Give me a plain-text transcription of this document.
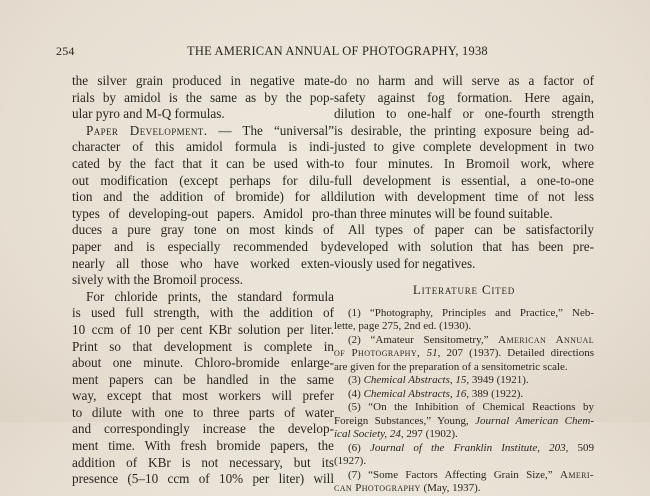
254	THE AMERICAN ANNUAL OF PHOTOGRAPHY, 1938
the silver grain produced in negative mate-
rials by amidol is the same as by the pop-
ular pyro and M-Q formulas.
Paper Development. — The “universal”
character of this amidol formula is indi-
cated by the fact that it can be used with-
out modification (except perhaps for dilu-
tion and the addition of bromide) for all
types of developing-out papers. Amidol pro-
duces a pure gray tone on most kinds of
paper and is especially recommended by
nearly all those who have worked exten-
sively with the Bromoil process.
For chloride prints, the standard formula
is used full strength, with the addition of
10 ccm of 10 per cent KBr solution per liter.
Print so that development is complete in
about one minute. Chloro-bromide enlarge-
ment papers can be handled in the same
way, except that most workers will prefer
to dilute with one to three parts of water
and correspondingly increase the develop-
ment time. With fresh bromide papers, the
addition of KBr is not necessary, but its
presence (5–10 ccm of 10% per liter) will
do no harm and will serve as a factor of
safety against fog formation. Here again,
dilution to one-half or one-fourth strength
is desirable, the printing exposure being ad-
justed to give complete development in two
to four minutes. In Bromoil work, where
full development is essential, a one-to-one
dilution with development time of not less
than three minutes will be found suitable.
All types of paper can be satisfactorily
developed with solution that has been pre-
viously used for negatives.
Literature Cited
(1) “Photography, Principles and Practice,” Neb-
lette, page 275, 2nd ed. (1930).
(2) “Amateur Sensitometry,” American Annual
of Photography, 51, 207 (1937). Detailed directions
are given for the preparation of a sensitometric scale.
(3) Chemical Abstracts, 15, 3949 (1921).
(4) Chemical Abstracts, 16, 389 (1922).
(5) “On the Inhibition of Chemical Reactions by
Foreign Substances,” Young, Journal American Chem-
ical Society, 24, 297 (1902).
(6) Journal of the Franklin Institute, 203, 509
(1927).
(7) “Some Factors Affecting Grain Size,” Ameri-
can Photography (May, 1937).
